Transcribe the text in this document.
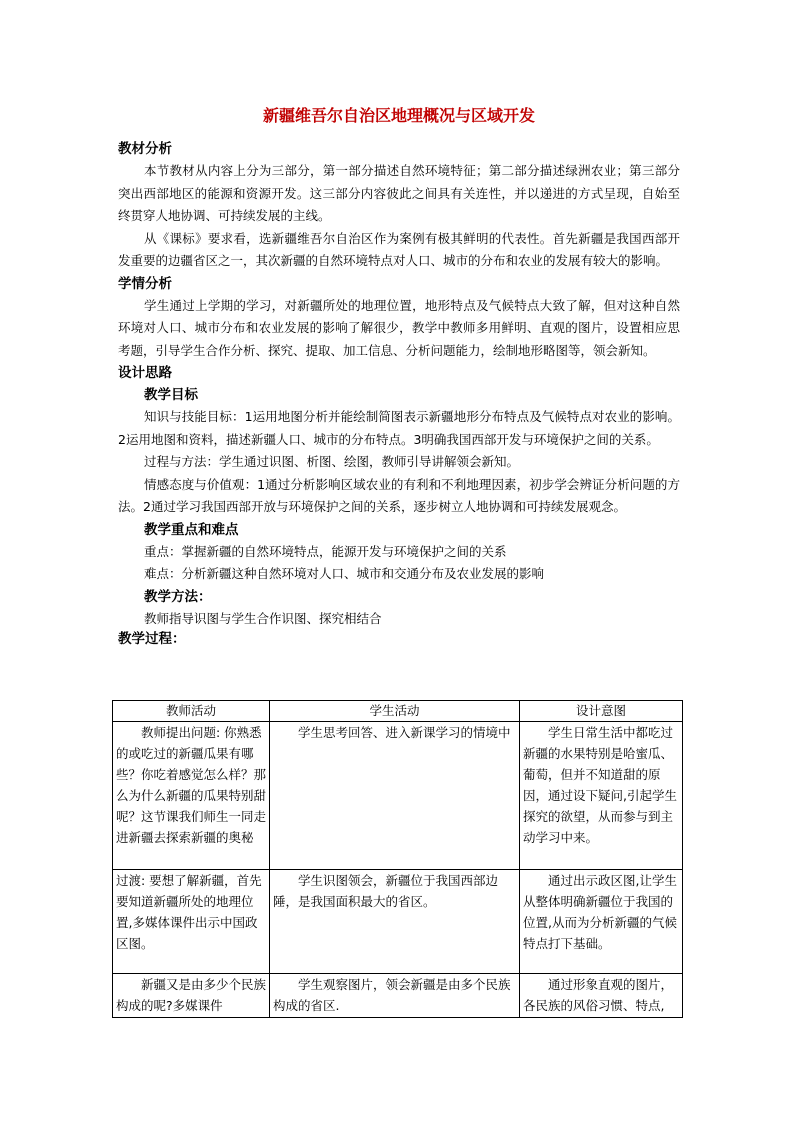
新疆维吾尔自治区地理概况与区域开发
教材分析
本节教材从内容上分为三部分，第一部分描述自然环境特征；第二部分描述绿洲农业；第三部分突出西部地区的能源和资源开发。这三部分内容彼此之间具有关连性，并以递进的方式呈现，自始至终贯穿人地协调、可持续发展的主线。
从《课标》要求看，选新疆维吾尔自治区作为案例有极其鲜明的代表性。首先新疆是我国西部开发重要的边疆省区之一，其次新疆的自然环境特点对人口、城市的分布和农业的发展有较大的影响。
学情分析
学生通过上学期的学习，对新疆所处的地理位置，地形特点及气候特点大致了解，但对这种自然环境对人口、城市分布和农业发展的影响了解很少，教学中教师多用鲜明、直观的图片，设置相应思考题，引导学生合作分析、探究、提取、加工信息、分析问题能力，绘制地形略图等，领会新知。
设计思路
教学目标
知识与技能目标：1运用地图分析并能绘制简图表示新疆地形分布特点及气候特点对农业的影响。2运用地图和资料，描述新疆人口、城市的分布特点。3明确我国西部开发与环境保护之间的关系。
过程与方法：学生通过识图、析图、绘图，教师引导讲解领会新知。
情感态度与价值观：1通过分析影响区域农业的有利和不利地理因素，初步学会辨证分析问题的方法。2通过学习我国西部开放与环境保护之间的关系，逐步树立人地协调和可持续发展观念。
教学重点和难点
重点：掌握新疆的自然环境特点，能源开发与环境保护之间的关系
难点：分析新疆这种自然环境对人口、城市和交通分布及农业发展的影响
教学方法：
教师指导识图与学生合作识图、探究相结合
教学过程：
教师活动	学生活动	设计意图
教师提出问题: 你熟悉的或吃过的新疆瓜果有哪些？你吃着感觉怎么样？那么为什么新疆的瓜果特别甜呢？这节课我们师生一同走进新疆去探索新疆的奥秘	学生思考回答、进入新课学习的情境中	学生日常生活中都吃过新疆的水果特别是哈蜜瓜、葡萄，但并不知道甜的原因，通过设下疑问,引起学生探究的欲望，从而参与到主动学习中来。
过渡: 要想了解新疆，首先要知道新疆所处的地理位置,多媒体课件出示中国政区图。	学生识图领会，新疆位于我国西部边陲，是我国面积最大的省区。	通过出示政区图,让学生从整体明确新疆位于我国的位置,从而为分析新疆的气候特点打下基础。
新疆又是由多少个民族构成的呢?多媒课件	学生观察图片，领会新疆是由多个民族构成的省区.	通过形象直观的图片，各民族的风俗习惯、特点,
